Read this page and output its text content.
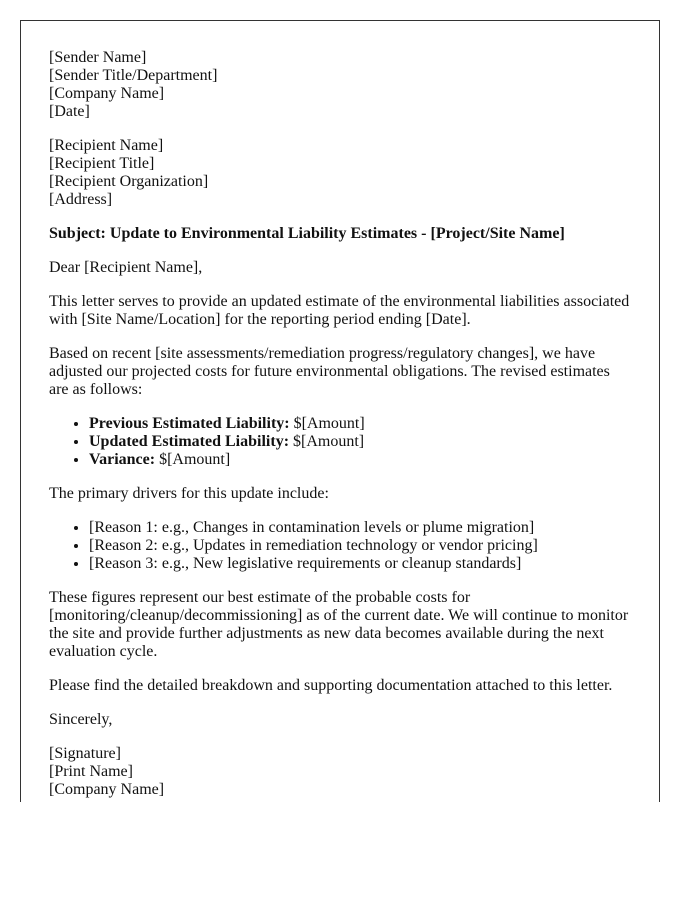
[Sender Name]
[Sender Title/Department]
[Company Name]
[Date]

[Recipient Name]
[Recipient Title]
[Recipient Organization]
[Address]

Subject: Update to Environmental Liability Estimates - [Project/Site Name]

Dear [Recipient Name],

This letter serves to provide an updated estimate of the environmental liabilities associated with [Site Name/Location] for the reporting period ending [Date].

Based on recent [site assessments/remediation progress/regulatory changes], we have adjusted our projected costs for future environmental obligations. The revised estimates are as follows:

• Previous Estimated Liability: $[Amount]
• Updated Estimated Liability: $[Amount]
• Variance: $[Amount]

The primary drivers for this update include:

• [Reason 1: e.g., Changes in contamination levels or plume migration]
• [Reason 2: e.g., Updates in remediation technology or vendor pricing]
• [Reason 3: e.g., New legislative requirements or cleanup standards]

These figures represent our best estimate of the probable costs for [monitoring/cleanup/decommissioning] as of the current date. We will continue to monitor the site and provide further adjustments as new data becomes available during the next evaluation cycle.

Please find the detailed breakdown and supporting documentation attached to this letter.

Sincerely,

[Signature]
[Print Name]
[Company Name]
